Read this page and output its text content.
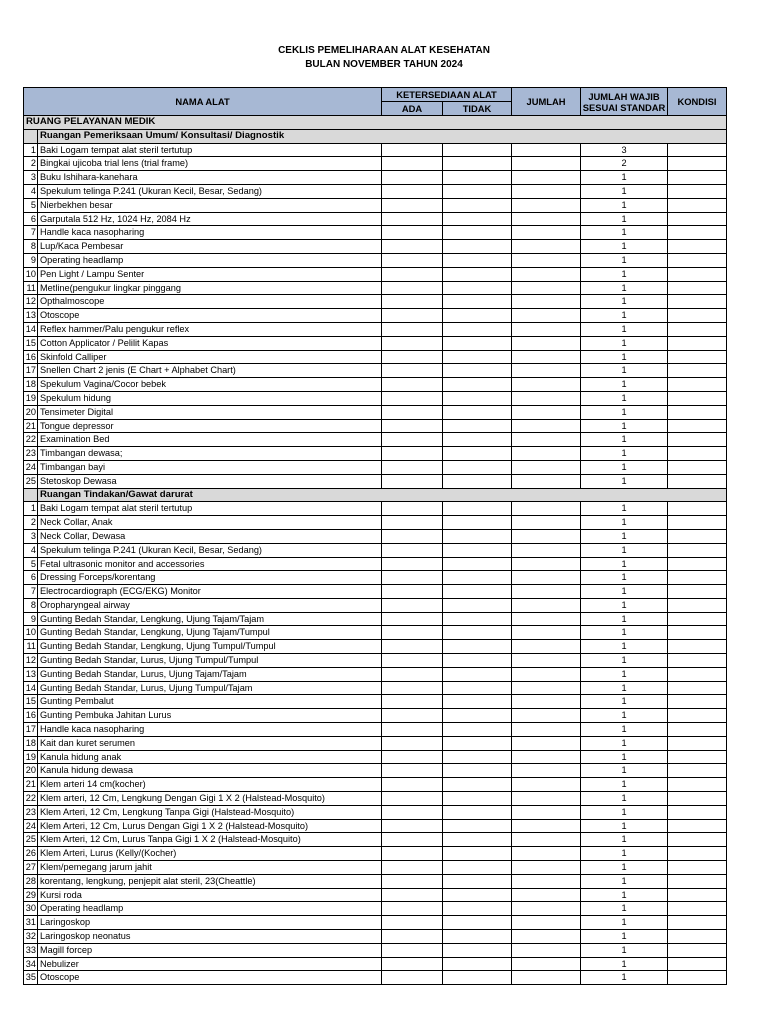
CEKLIS PEMELIHARAAN ALAT KESEHATAN
BULAN NOVEMBER TAHUN 2024
NAMA ALAT		KETERSEDIAAN ALAT		JUMLAH	JUMLAH WAJIB SESUAI STANDAR	KONDISI
		ADA	TIDAK			
RUANG PELAYANAN MEDIK						
	Ruangan Pemeriksaan Umum/ Konsultasi/ Diagnostik					
1	Baki Logam tempat alat steril tertutup				3	
2	Bingkai ujicoba trial lens (trial frame)				2	
3	Buku Ishihara-kanehara				1	
4	Spekulum telinga P.241 (Ukuran Kecil, Besar, Sedang)				1	
5	Nierbekhen besar				1	
6	Garputala 512 Hz, 1024 Hz, 2084 Hz				1	
7	Handle kaca nasopharing				1	
8	Lup/Kaca Pembesar				1	
9	Operating headlamp				1	
10	Pen Light / Lampu Senter				1	
11	Metline(pengukur lingkar pinggang				1	
12	Opthalmoscope				1	
13	Otoscope				1	
14	Reflex hammer/Palu pengukur reflex				1	
15	Cotton Applicator / Pelilit Kapas				1	
16	Skinfold Calliper				1	
17	Snellen Chart 2 jenis (E Chart + Alphabet Chart)				1	
18	Spekulum Vagina/Cocor bebek				1	
19	Spekulum hidung				1	
20	Tensimeter Digital				1	
21	Tongue depressor				1	
22	Examination Bed				1	
23	Timbangan dewasa;				1	
24	Timbangan bayi				1	
25	Stetoskop Dewasa				1	
	Ruangan Tindakan/Gawat darurat					
1	Baki Logam tempat alat steril tertutup				1	
2	Neck Collar, Anak				1	
3	Neck Collar, Dewasa				1	
4	Spekulum telinga P.241 (Ukuran Kecil, Besar, Sedang)				1	
5	Fetal ultrasonic monitor and accessories				1	
6	Dressing Forceps/korentang				1	
7	Electrocardiograph (ECG/EKG) Monitor				1	
8	Oropharyngeal airway				1	
9	Gunting Bedah Standar, Lengkung, Ujung Tajam/Tajam				1	
10	Gunting Bedah Standar, Lengkung, Ujung Tajam/Tumpul				1	
11	Gunting Bedah Standar, Lengkung, Ujung Tumpul/Tumpul				1	
12	Gunting Bedah Standar, Lurus, Ujung Tumpul/Tumpul				1	
13	Gunting Bedah Standar, Lurus, Ujung Tajam/Tajam				1	
14	Gunting Bedah Standar, Lurus, Ujung Tumpul/Tajam				1	
15	Gunting Pembalut				1	
16	Gunting Pembuka Jahitan Lurus				1	
17	Handle kaca nasopharing				1	
18	Kait dan kuret serumen				1	
19	Kanula hidung anak				1	
20	Kanula hidung dewasa				1	
21	Klem arteri 14 cm(kocher)				1	
22	Klem arteri, 12 Cm, Lengkung Dengan Gigi 1 X 2 (Halstead-Mosquito)				1	
23	Klem Arteri, 12 Cm, Lengkung Tanpa Gigi (Halstead-Mosquito)				1	
24	Klem Arteri, 12 Cm, Lurus Dengan Gigi 1 X 2 (Halstead-Mosquito)				1	
25	Klem Arteri, 12 Cm, Lurus Tanpa Gigi 1 X 2 (Halstead-Mosquito)				1	
26	Klem Arteri, Lurus (Kelly/(Kocher)				1	
27	Klem/pemegang jarum jahit				1	
28	korentang, lengkung, penjepit alat steril, 23(Cheattle)				1	
29	Kursi roda				1	
30	Operating headlamp				1	
31	Laringoskop				1	
32	Laringoskop neonatus				1	
33	Magill forcep				1	
34	Nebulizer				1	
35	Otoscope				1	
